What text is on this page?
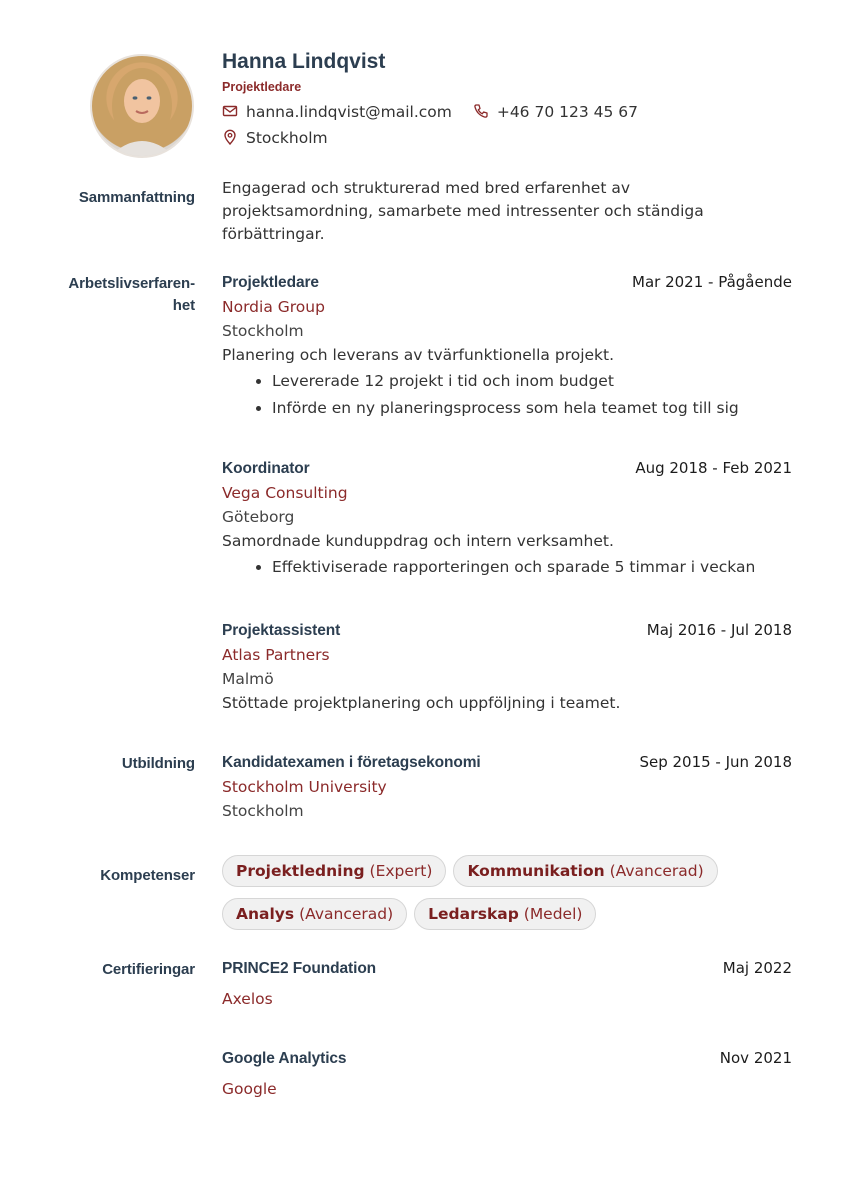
Hanna Lindqvist
Projektledare
hanna.lindqvist@mail.com	+46 70 123 45 67
Stockholm
Sammanfattning
Engagerad och strukturerad med bred erfarenhet av projektsamordning, samarbete med intressenter och ständiga förbättringar.
Arbetslivserfaren-
het
Projektledare	Mar 2021 - Pågående
Nordia Group
Stockholm
Planering och leverans av tvärfunktionella projekt.
• Levererade 12 projekt i tid och inom budget
• Införde en ny planeringsprocess som hela teamet tog till sig
Koordinator	Aug 2018 - Feb 2021
Vega Consulting
Göteborg
Samordnade kunduppdrag och intern verksamhet.
• Effektiviserade rapporteringen och sparade 5 timmar i veckan
Projektassistent	Maj 2016 - Jul 2018
Atlas Partners
Malmö
Stöttade projektplanering och uppföljning i teamet.
Utbildning Kandidatexamen i företagsekonomi	Sep 2015 - Jun 2018
Stockholm University
Stockholm
Kompetenser	Projektledning (Expert) Kommunikation (Avancerad)
Analys (Avancerad) Ledarskap (Medel)
Certifieringar PRINCE2 Foundation	Maj 2022
Axelos
Google Analytics	Nov 2021
Google
